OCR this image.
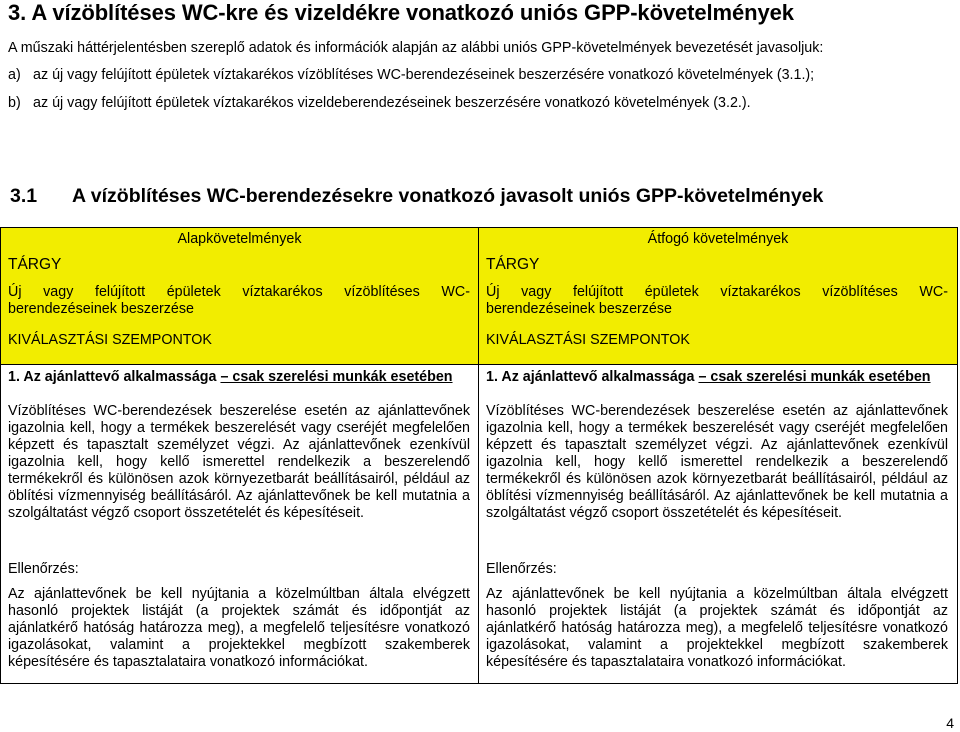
3. A vízöblítéses WC-kre és vizeldékre vonatkozó uniós GPP-követelmények
A műszaki háttérjelentésben szereplő adatok és információk alapján az alábbi uniós GPP-követelmények bevezetését javasoljuk:
a) az új vagy felújított épületek víztakarékos vízöblítéses WC-berendezéseinek beszerzésére vonatkozó követelmények (3.1.);
b) az új vagy felújított épületek víztakarékos vizeldeberendezéseinek beszerzésére vonatkozó követelmények (3.2.).
3.1 A vízöblítéses WC-berendezésekre vonatkozó javasolt uniós GPP-követelmények
Alapkövetelmények
TÁRGY
Új vagy felújított épületek víztakarékos vízöblítéses WC-berendezéseinek beszerzése
KIVÁLASZTÁSI SZEMPONTOK
1. Az ajánlattevő alkalmassága – csak szerelési munkák esetében
Vízöblítéses WC-berendezések beszerelése esetén az ajánlattevőnek igazolnia kell, hogy a termékek beszerelését vagy cseréjét megfelelően képzett és tapasztalt személyzet végzi. Az ajánlattevőnek ezenkívül igazolnia kell, hogy kellő ismerettel rendelkezik a beszerelendő termékekről és különösen azok környezetbarát beállításairól, például az öblítési vízmennyiség beállításáról. Az ajánlattevőnek be kell mutatnia a szolgáltatást végző csoport összetételét és képesítéseit.
Ellenőrzés:
Az ajánlattevőnek be kell nyújtania a közelmúltban általa elvégzett hasonló projektek listáját (a projektek számát és időpontját az ajánlatkérő hatóság határozza meg), a megfelelő teljesítésre vonatkozó igazolásokat, valamint a projektekkel megbízott szakemberek képesítésére és tapasztalataira vonatkozó információkat.
Átfogó követelmények
TÁRGY
Új vagy felújított épületek víztakarékos vízöblítéses WC-berendezéseinek beszerzése
KIVÁLASZTÁSI SZEMPONTOK
1. Az ajánlattevő alkalmassága – csak szerelési munkák esetében
Vízöblítéses WC-berendezések beszerelése esetén az ajánlattevőnek igazolnia kell, hogy a termékek beszerelését vagy cseréjét megfelelően képzett és tapasztalt személyzet végzi. Az ajánlattevőnek ezenkívül igazolnia kell, hogy kellő ismerettel rendelkezik a beszerelendő termékekről és különösen azok környezetbarát beállításairól, például az öblítési vízmennyiség beállításáról. Az ajánlattevőnek be kell mutatnia a szolgáltatást végző csoport összetételét és képesítéseit.
Ellenőrzés:
Az ajánlattevőnek be kell nyújtania a közelmúltban általa elvégzett hasonló projektek listáját (a projektek számát és időpontját az ajánlatkérő hatóság határozza meg), a megfelelő teljesítésre vonatkozó igazolásokat, valamint a projektekkel megbízott szakemberek képesítésére és tapasztalataira vonatkozó információkat.
4
